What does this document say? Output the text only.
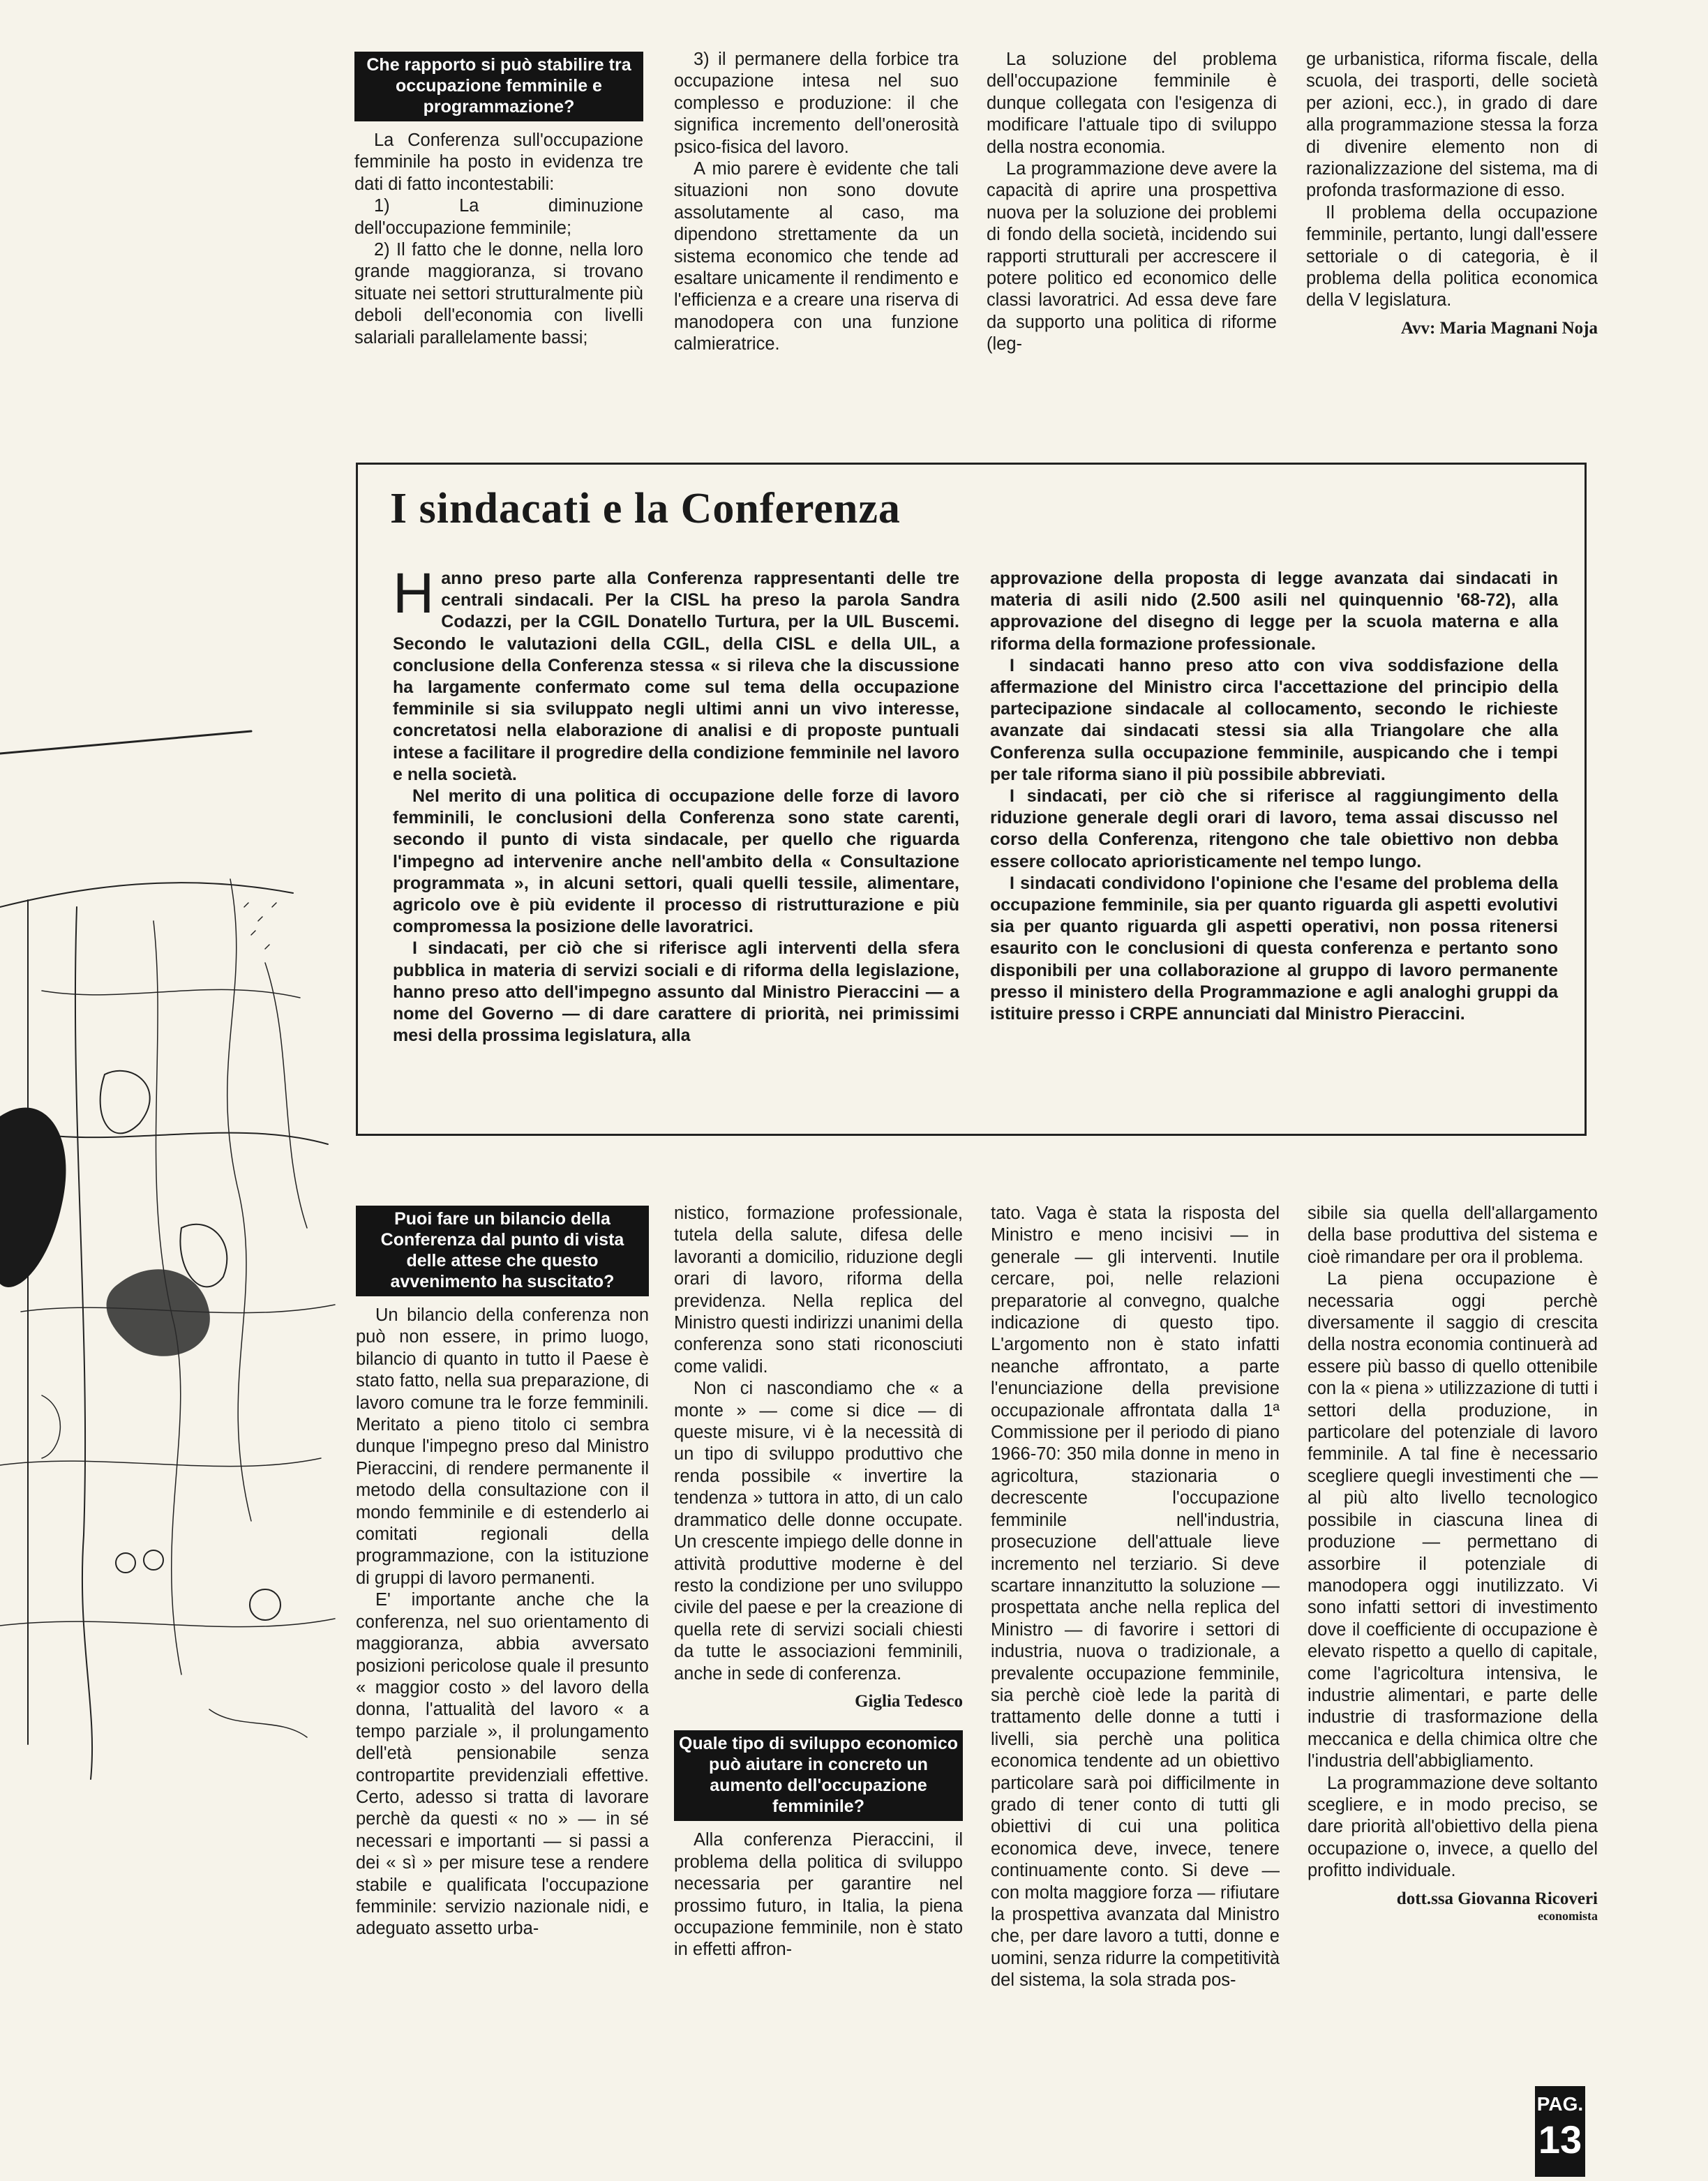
Che rapporto si può stabilire tra occupazione femminile e programmazione?

La Conferenza sull'occupazione femminile ha posto in evidenza tre dati di fatto incontestabili:

1) La diminuzione dell'occupazione femminile;

2) Il fatto che le donne, nella loro grande maggioranza, si trovano situate nei settori strutturalmente più deboli dell'economia con livelli salariali parallelamente bassi;

3) il permanere della forbice tra occupazione intesa nel suo complesso e produzione: il che significa incremento dell'onerosità psico-fisica del lavoro.

A mio parere è evidente che tali situazioni non sono dovute assolutamente al caso, ma dipendono strettamente da un sistema economico che tende ad esaltare unicamente il rendimento e l'efficienza e a creare una riserva di manodopera con una funzione calmieratrice.

La soluzione del problema dell'occupazione femminile è dunque collegata con l'esigenza di modificare l'attuale tipo di sviluppo della nostra economia.

La programmazione deve avere la capacità di aprire una prospettiva nuova per la soluzione dei problemi di fondo della società, incidendo sui rapporti strutturali per accrescere il potere politico ed economico delle classi lavoratrici. Ad essa deve fare da supporto una politica di riforme (leg-

ge urbanistica, riforma fiscale, della scuola, dei trasporti, delle società per azioni, ecc.), in grado di dare alla programmazione stessa la forza di divenire elemento non di razionalizzazione del sistema, ma di profonda trasformazione di esso.

Il problema della occupazione femminile, pertanto, lungi dall'essere settoriale o di categoria, è il problema della politica economica della V legislatura.

Avv: Maria Magnani Noja
I sindacati e la Conferenza

Hanno preso parte alla Conferenza rappresentanti delle tre centrali sindacali. Per la CISL ha preso la parola Sandra Codazzi, per la CGIL Donatello Turtura, per la UIL Buscemi. Secondo le valutazioni della CGIL, della CISL e della UIL, a conclusione della Conferenza stessa « si rileva che la discussione ha largamente confermato come sul tema della occupazione femminile si sia sviluppato negli ultimi anni un vivo interesse, concretatosi nella elaborazione di analisi e di proposte puntuali intese a facilitare il progredire della condizione femminile nel lavoro e nella società.

Nel merito di una politica di occupazione delle forze di lavoro femminili, le conclusioni della Conferenza sono state carenti, secondo il punto di vista sindacale, per quello che riguarda l'impegno ad intervenire anche nell'ambito della « Consultazione programmata », in alcuni settori, quali quelli tessile, alimentare, agricolo ove è più evidente il processo di ristrutturazione e più compromessa la posizione delle lavoratrici.

I sindacati, per ciò che si riferisce agli interventi della sfera pubblica in materia di servizi sociali e di riforma della legislazione, hanno preso atto dell'impegno assunto dal Ministro Pieraccini — a nome del Governo — di dare carattere di priorità, nei primissimi mesi della prossima legislatura, alla

approvazione della proposta di legge avanzata dai sindacati in materia di asili nido (2.500 asili nel quinquennio '68-72), alla approvazione del disegno di legge per la scuola materna e alla riforma della formazione professionale.

I sindacati hanno preso atto con viva soddisfazione della affermazione del Ministro circa l'accettazione del principio della partecipazione sindacale al collocamento, secondo le richieste avanzate dai sindacati stessi sia alla Triangolare che alla Conferenza sulla occupazione femminile, auspicando che i tempi per tale riforma siano il più possibile abbreviati.

I sindacati, per ciò che si riferisce al raggiungimento della riduzione generale degli orari di lavoro, tema assai discusso nel corso della Conferenza, ritengono che tale obiettivo non debba essere collocato aprioristicamente nel tempo lungo.

I sindacati condividono l'opinione che l'esame del problema della occupazione femminile, sia per quanto riguarda gli aspetti evolutivi sia per quanto riguarda gli aspetti operativi, non possa ritenersi esaurito con le conclusioni di questa conferenza e pertanto sono disponibili per una collaborazione al gruppo di lavoro permanente presso il ministero della Programmazione e agli analoghi gruppi da istituire presso i CRPE annunciati dal Ministro Pieraccini.

Puoi fare un bilancio della Conferenza dal punto di vista delle attese che questo avvenimento ha suscitato?

Un bilancio della conferenza non può non essere, in primo luogo, bilancio di quanto in tutto il Paese è stato fatto, nella sua preparazione, di lavoro comune tra le forze femminili. Meritato a pieno titolo ci sembra dunque l'impegno preso dal Ministro Pieraccini, di rendere permanente il metodo della consultazione con il mondo femminile e di estenderlo ai comitati regionali della programmazione, con la istituzione di gruppi di lavoro permanenti.

E' importante anche che la conferenza, nel suo orientamento di maggioranza, abbia avversato posizioni pericolose quale il presunto « maggior costo » del lavoro della donna, l'attualità del lavoro « a tempo parziale », il prolungamento dell'età pensionabile senza contropartite previdenziali effettive. Certo, adesso si tratta di lavorare perchè da questi « no » — in sé necessari e importanti — si passi a dei « sì » per misure tese a rendere stabile e qualificata l'occupazione femminile: servizio nazionale nidi, e adeguato assetto urba-

nistico, formazione professionale, tutela della salute, difesa delle lavoranti a domicilio, riduzione degli orari di lavoro, riforma della previdenza. Nella replica del Ministro questi indirizzi unanimi della conferenza sono stati riconosciuti come validi.

Non ci nascondiamo che « a monte » — come si dice — di queste misure, vi è la necessità di un tipo di sviluppo produttivo che renda possibile « invertire la tendenza » tuttora in atto, di un calo drammatico delle donne occupate. Un crescente impiego delle donne in attività produttive moderne è del resto la condizione per uno sviluppo civile del paese e per la creazione di quella rete di servizi sociali chiesti da tutte le associazioni femminili, anche in sede di conferenza.

Giglia Tedesco
Quale tipo di sviluppo economico può aiutare in concreto un aumento dell'occupazione femminile?

Alla conferenza Pieraccini, il problema della politica di sviluppo necessaria per garantire nel prossimo futuro, in Italia, la piena occupazione femminile, non è stato in effetti affron-

tato. Vaga è stata la risposta del Ministro e meno incisivi — in generale — gli interventi. Inutile cercare, poi, nelle relazioni preparatorie al convegno, qualche indicazione di questo tipo. L'argomento non è stato infatti neanche affrontato, a parte l'enunciazione della previsione occupazionale affrontata dalla 1ª Commissione per il periodo di piano 1966-70: 350 mila donne in meno in agricoltura, stazionaria o decrescente l'occupazione femminile nell'industria, prosecuzione dell'attuale lieve incremento nel terziario. Si deve scartare innanzitutto la soluzione — prospettata anche nella replica del Ministro — di favorire i settori di industria, nuova o tradizionale, a prevalente occupazione femminile, sia perchè cioè lede la parità di trattamento delle donne a tutti i livelli, sia perchè una politica economica tendente ad un obiettivo particolare sarà poi difficilmente in grado di tener conto di tutti gli obiettivi di cui una politica economica deve, invece, tenere continuamente conto. Si deve — con molta maggiore forza — rifiutare la prospettiva avanzata dal Ministro che, per dare lavoro a tutti, donne e uomini, senza ridurre la competitività del sistema, la sola strada pos-

sibile sia quella dell'allargamento della base produttiva del sistema e cioè rimandare per ora il problema.

La piena occupazione è necessaria oggi perchè diversamente il saggio di crescita della nostra economia continuerà ad essere più basso di quello ottenibile con la « piena » utilizzazione di tutti i settori della produzione, in particolare del potenziale di lavoro femminile. A tal fine è necessario scegliere quegli investimenti che — al più alto livello tecnologico possibile in ciascuna linea di produzione — permettano di assorbire il potenziale di manodopera oggi inutilizzato. Vi sono infatti settori di investimento dove il coefficiente di occupazione è elevato rispetto a quello di capitale, come l'agricoltura intensiva, le industrie alimentari, e parte delle industrie di trasformazione della meccanica e della chimica oltre che l'industria dell'abbigliamento.

La programmazione deve soltanto scegliere, e in modo preciso, se dare priorità all'obiettivo della piena occupazione o, invece, a quello del profitto individuale.

dott.ssa Giovanna Ricoveri
economista
PAG.
13
